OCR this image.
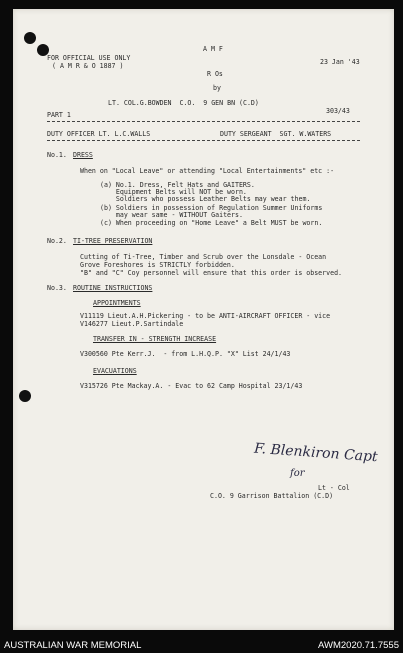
FOR OFFICIAL USE ONLY
( A M R & O 1887 )
A M F
23 Jan '43
R Os
by
LT. COL.G.BOWDEN  C.O.  9 GEN BN (C.D)
PART 1	303/43
DUTY OFFICER LT. L.C.WALLS	DUTY SERGEANT  SGT. W.WATERS
No.1. DRESS
When on "Local Leave" or attending "Local Entertainments" etc :-
(a) No.1. Dress, Felt Hats and GAITERS.
Equipment Belts will NOT be worn.
Soldiers who possess Leather Belts may wear them.
(b) Soldiers in possession of Regulation Summer Uniforms
may wear same - WITHOUT Gaiters.
(c) When proceeding on "Home Leave" a Belt MUST be worn.
No.2. TI-TREE PRESERVATION
Cutting of Ti-Tree, Timber and Scrub over the Lonsdale - Ocean
Grove Foreshores is STRICTLY forbidden.
"B" and "C" Coy personnel will ensure that this order is observed.
No.3. ROUTINE INSTRUCTIONS
APPOINTMENTS
V11119 Lieut.A.H.Pickering - to be ANTI-AIRCRAFT OFFICER - vice
V146277 Lieut.P.Sartindale
TRANSFER IN - STRENGTH INCREASE
V300560 Pte Kerr.J.  - from L.H.Q.P. "X" List 24/1/43
EVACUATIONS
V315726 Pte Mackay.A. - Evac to 62 Camp Hospital 23/1/43
F. Blenkiron Capt
for
Lt - Col
C.O. 9 Garrison Battalion (C.D)
AUSTRALIAN WAR MEMORIAL	AWM2020.71.7555
